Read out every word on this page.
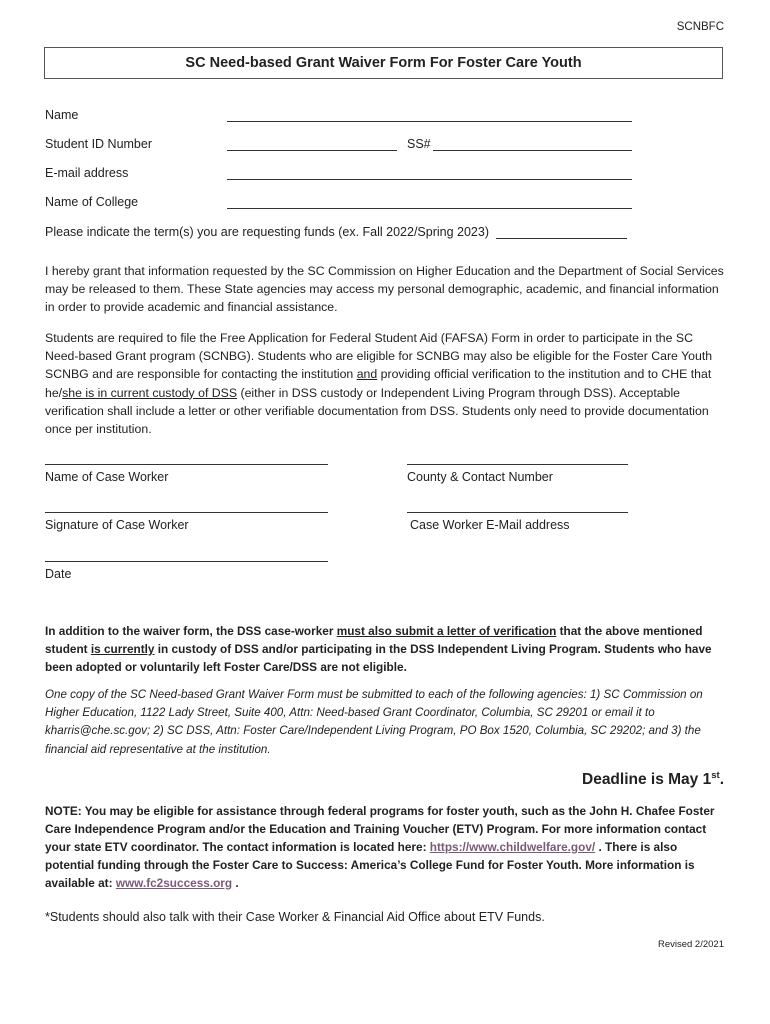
SCNBFC
SC Need-based Grant Waiver Form For Foster Care Youth
Name
Student ID Number	SS#
E-mail address
Name of College
Please indicate the term(s) you are requesting funds (ex. Fall 2022/Spring 2023)

I hereby grant that information requested by the SC Commission on Higher Education and the Department of Social Services may be released to them. These State agencies may access my personal demographic, academic, and financial information in order to provide academic and financial assistance.

Students are required to file the Free Application for Federal Student Aid (FAFSA) Form in order to participate in the SC Need-based Grant program (SCNBG). Students who are eligible for SCNBG may also be eligible for the Foster Care Youth SCNBG and are responsible for contacting the institution and providing official verification to the institution and to CHE that he/she is in current custody of DSS (either in DSS custody or Independent Living Program through DSS). Acceptable verification shall include a letter or other verifiable documentation from DSS. Students only need to provide documentation once per institution.

Name of Case Worker	County & Contact Number
Signature of Case Worker	Case Worker E-Mail address
Date

In addition to the waiver form, the DSS case-worker must also submit a letter of verification that the above mentioned student is currently in custody of DSS and/or participating in the DSS Independent Living Program. Students who have been adopted or voluntarily left Foster Care/DSS are not eligible.

One copy of the SC Need-based Grant Waiver Form must be submitted to each of the following agencies: 1) SC Commission on Higher Education, 1122 Lady Street, Suite 400, Attn: Need-based Grant Coordinator, Columbia, SC 29201 or email it to kharris@che.sc.gov; 2) SC DSS, Attn: Foster Care/Independent Living Program, PO Box 1520, Columbia, SC 29202; and 3) the financial aid representative at the institution.

Deadline is May 1st.

NOTE: You may be eligible for assistance through federal programs for foster youth, such as the John H. Chafee Foster Care Independence Program and/or the Education and Training Voucher (ETV) Program. For more information contact your state ETV coordinator. The contact information is located here: https://www.childwelfare.gov/ . There is also potential funding through the Foster Care to Success: America’s College Fund for Foster Youth. More information is available at: www.fc2success.org .

*Students should also talk with their Case Worker & Financial Aid Office about ETV Funds.
Revised 2/2021
